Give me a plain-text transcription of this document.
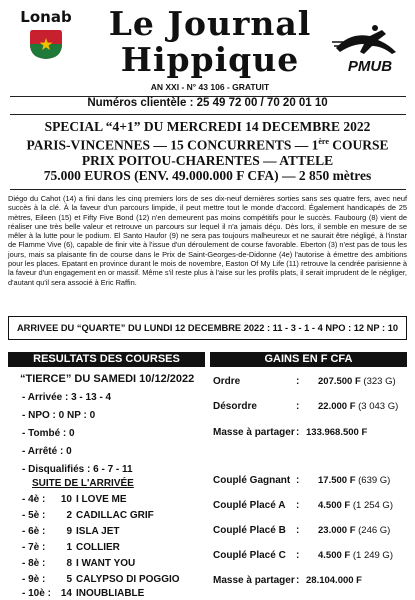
Lonab	Le Journal
Hippique
AN XXI - N° 43 106 - GRATUIT
PMUB
Numéros clientèle : 25 49 72 00 / 70 20 01 10
SPECIAL “4+1” DU MERCREDI 14 DECEMBRE 2022
PARIS-VINCENNES — 15 CONCURRENTS — 1ère COURSE
PRIX POITOU-CHARENTES — ATTELE
75.000 EUROS (ENV. 49.000.000 F CFA) — 2 850 mètres
Diégo du Cahot (14) a fini dans les cinq premiers lors de ses dix-neuf dernières sorties sans ses quatre fers, avec neuf succès à la clé. À la faveur d'un parcours limpide, il peut mettre tout le monde d'accord. Également handicapés de 25 mètres, Eileen (15) et Fifty Five Bond (12) n'en demeurent pas moins compétitifs pour le succès. Faubourg (8) vient de réaliser une très belle valeur et retrouve un parcours sur lequel il n'a jamais déçu. Dès lors, il semble en mesure de se mêler à la lutte pour le podium. El Santo Haufor (9) ne sera pas toujours malheureux et ne saurait être négligé, à l'instar de Flamme Vive (6), capable de finir vite à l'issue d'un déroulement de course favorable. Eberton (3) n'est pas de tous les jours, mais sa plaisante fin de course dans le Prix de Saint-Georges-de-Didonne (4e) l'autorise à émettre des ambitions pour les places. Epatant en province durant le mois de novembre, Easton Of My Life (11) retrouve la cendrée parisienne à la faveur d'un engagement en or massif. Même s'il reste plus à l'aise sur les profils plats, il serait imprudent de le négliger, d'autant qu'il sera associé à Eric Raffin.
ARRIVEE DU “QUARTE” DU LUNDI 12 DECEMBRE 2022 : 11 - 3 - 1 - 4 NPO : 12 NP : 10
RESULTATS DES COURSES
“TIERCE” DU SAMEDI 10/12/2022
- Arrivée : 3 - 13 - 4
- NPO : 0 NP : 0
- Tombé : 0
- Arrêté : 0
- Disqualifiés : 6 - 7 - 11
SUITE DE L'ARRIVÉE
- 4è : 10 I LOVE ME
- 5è : 2 CADILLAC GRIF
- 6è : 9 ISLA JET
- 7è : 1 COLLIER
- 8è : 8 I WANT YOU
- 9è : 5 CALYPSO DI POGGIO
- 10è : 14 INOUBLIABLE
GAINS EN F CFA
Ordre	: 207.500 F (323 G)
Désordre	: 22.000 F (3 043 G)
Masse à partager : 133.968.500 F
Couplé Gagnant : 17.500 F (639 G)
Couplé Placé A : 4.500 F (1 254 G)
Couplé Placé B : 23.000 F (246 G)
Couplé Placé C : 4.500 F (1 249 G)
Masse à partager : 28.104.000 F
